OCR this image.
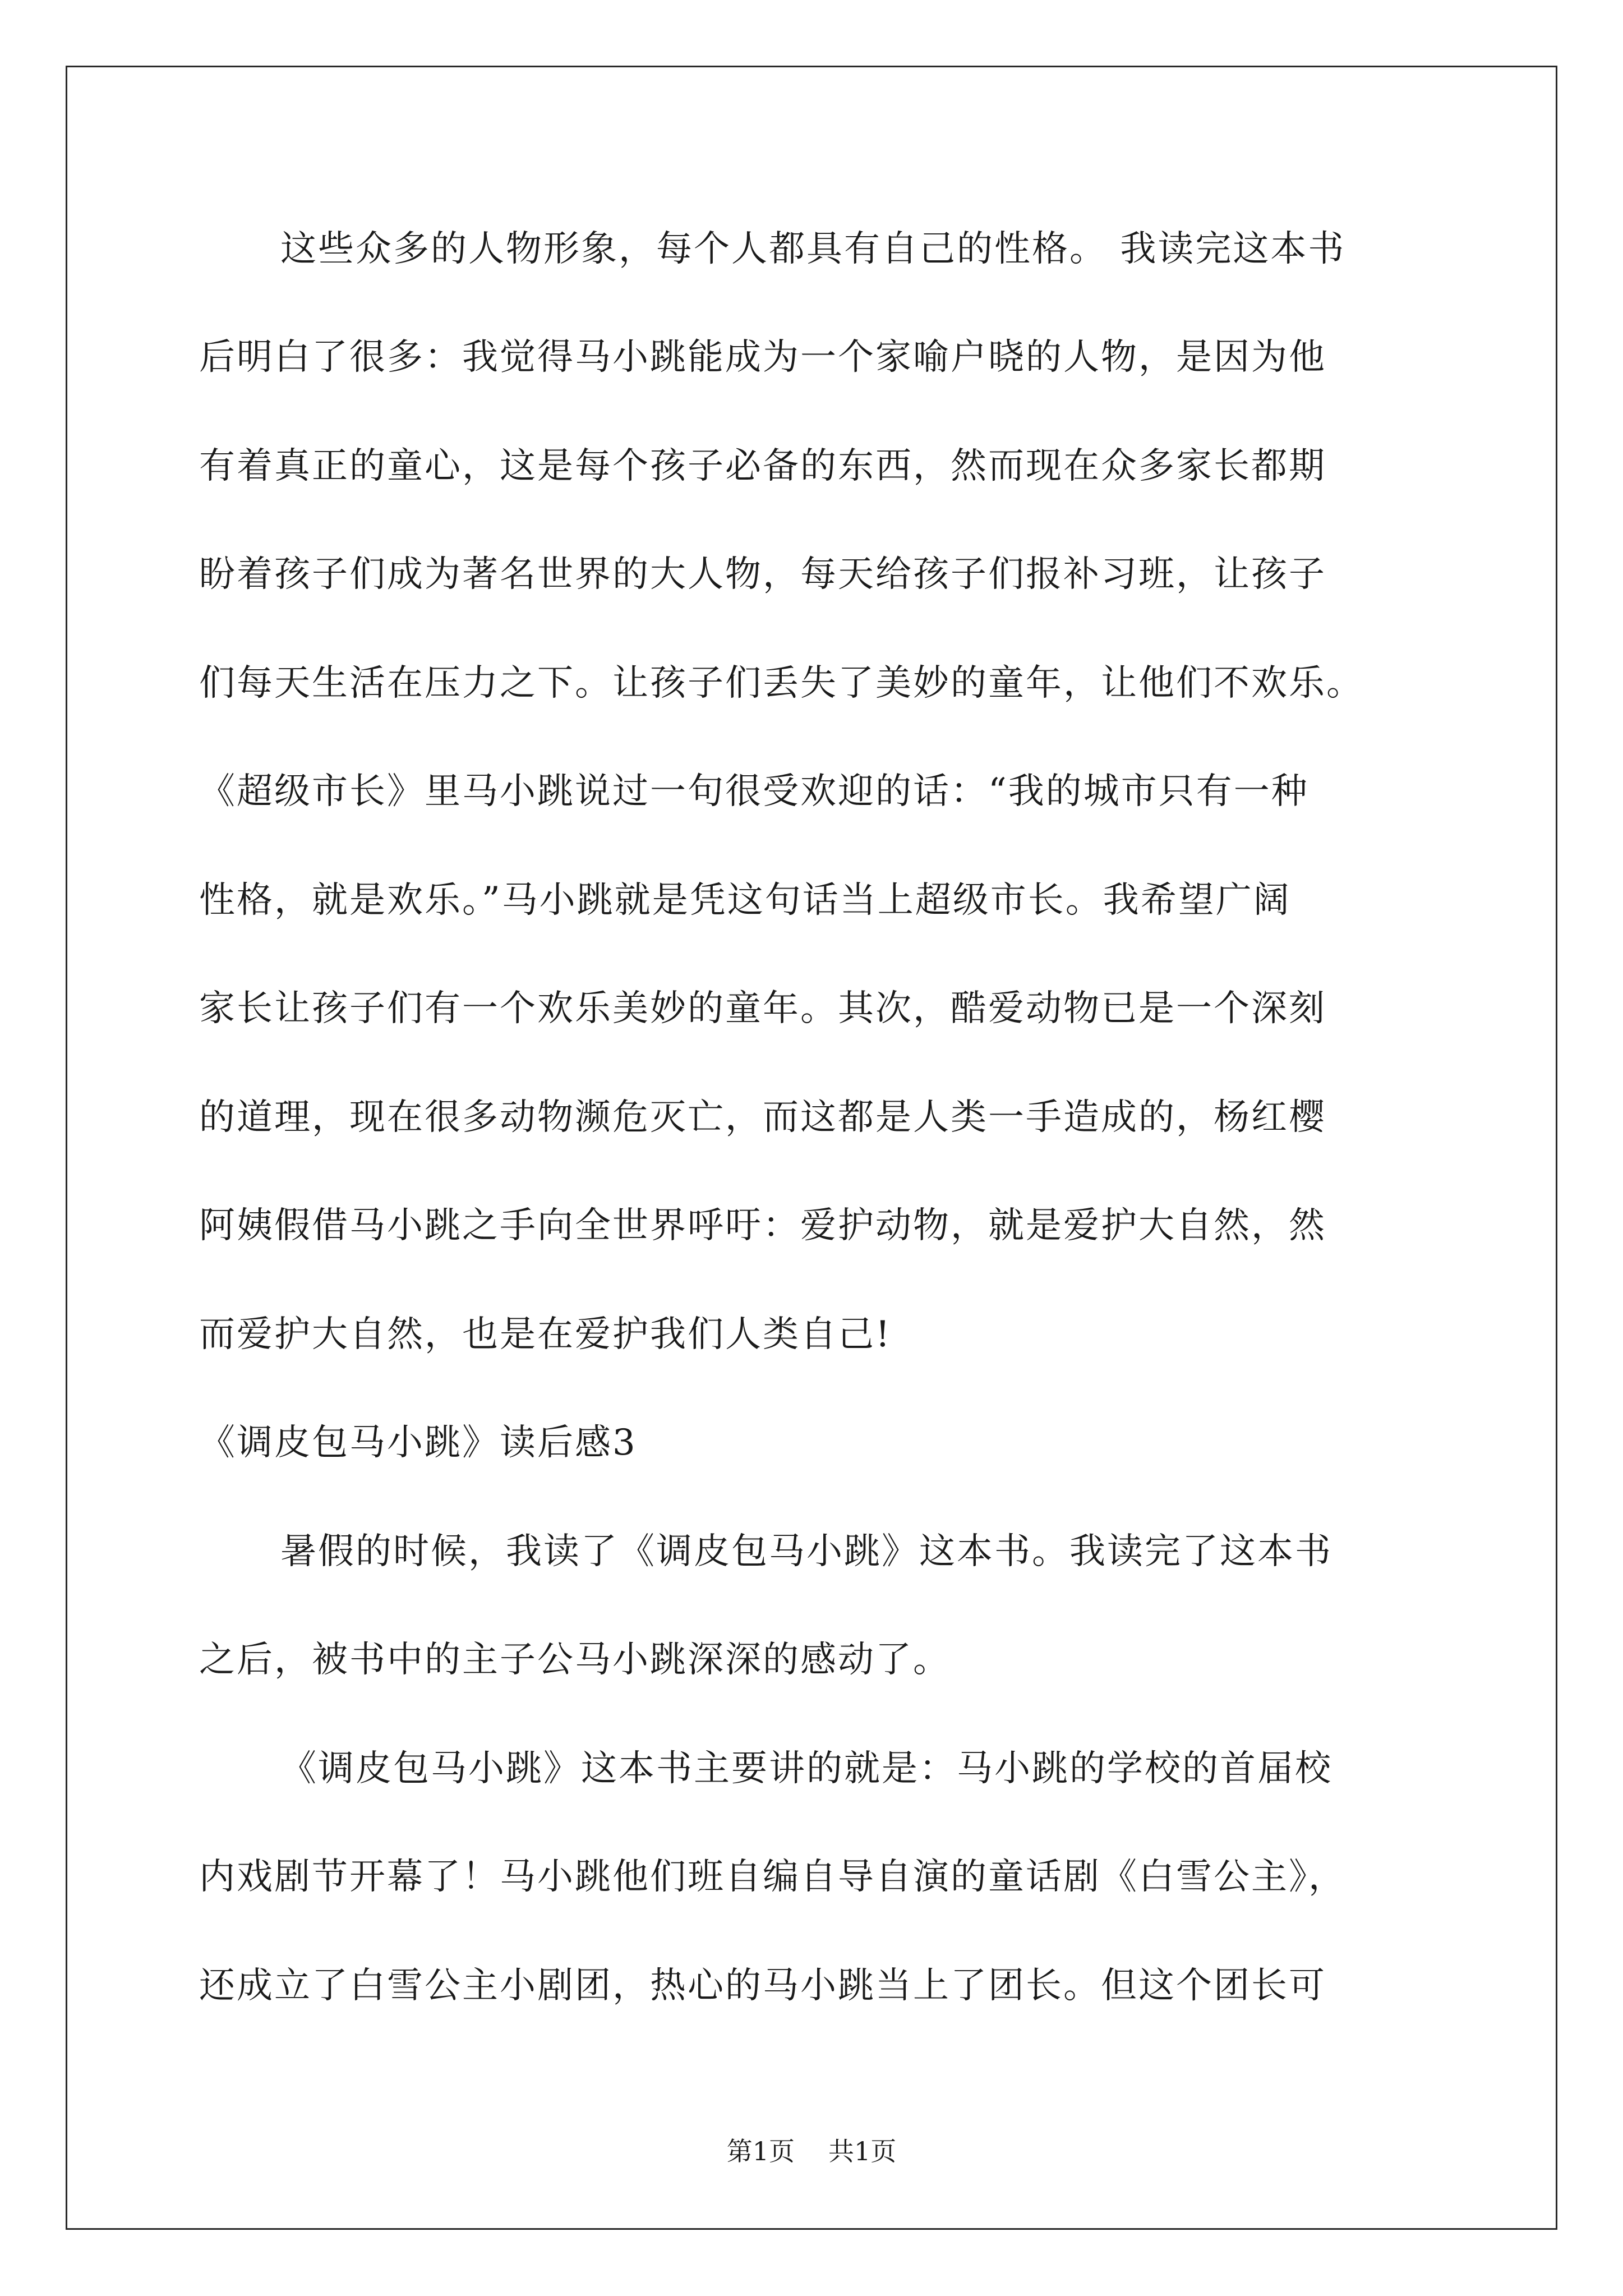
这些众多的人物形象，每个人都具有自己的性格。 我读完这本书
后明白了很多：我觉得马小跳能成为一个家喻户晓的人物，是因为他
有着真正的童心，这是每个孩子必备的东西，然而现在众多家长都期
盼着孩子们成为著名世界的大人物，每天给孩子们报补习班，让孩子
们每天生活在压力之下。让孩子们丢失了美妙的童年，让他们不欢乐。
《超级市长》里马小跳说过一句很受欢迎的话：“我的城市只有一种
性格，就是欢乐。”马小跳就是凭这句话当上超级市长。我希望广阔
家长让孩子们有一个欢乐美妙的童年。其次，酷爱动物已是一个深刻
的道理，现在很多动物濒危灭亡，而这都是人类一手造成的，杨红樱
阿姨假借马小跳之手向全世界呼吁：爱护动物，就是爱护大自然，然
而爱护大自然，也是在爱护我们人类自己!
《调皮包马小跳》读后感3
暑假的时候，我读了《调皮包马小跳》这本书。我读完了这本书
之后，被书中的主子公马小跳深深的感动了。
《调皮包马小跳》这本书主要讲的就是：马小跳的学校的首届校
内戏剧节开幕了！马小跳他们班自编自导自演的童话剧《白雪公主》，
还成立了白雪公主小剧团，热心的马小跳当上了团长。但这个团长可
第1页 共1页
